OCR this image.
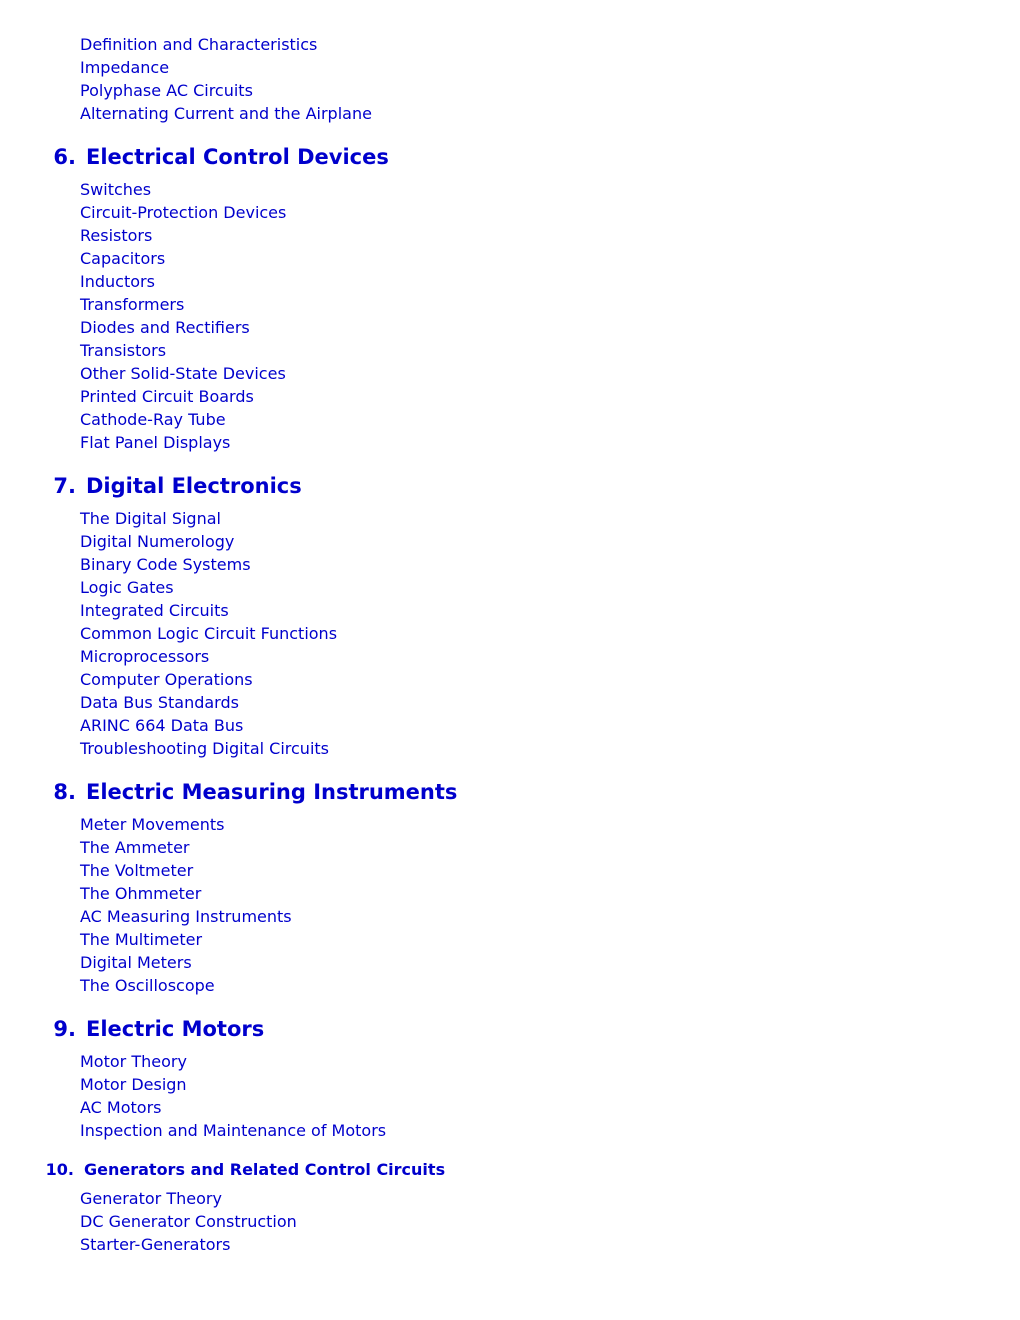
Definition and Characteristics
Impedance
Polyphase AC Circuits
Alternating Current and the Airplane
6. Electrical Control Devices
Switches
Circuit-Protection Devices
Resistors
Capacitors
Inductors
Transformers
Diodes and Rectifiers
Transistors
Other Solid-State Devices
Printed Circuit Boards
Cathode-Ray Tube
Flat Panel Displays
7. Digital Electronics
The Digital Signal
Digital Numerology
Binary Code Systems
Logic Gates
Integrated Circuits
Common Logic Circuit Functions
Microprocessors
Computer Operations
Data Bus Standards
ARINC 664 Data Bus
Troubleshooting Digital Circuits
8. Electric Measuring Instruments
Meter Movements
The Ammeter
The Voltmeter
The Ohmmeter
AC Measuring Instruments
The Multimeter
Digital Meters
The Oscilloscope
9. Electric Motors
Motor Theory
Motor Design
AC Motors
Inspection and Maintenance of Motors
10. Generators and Related Control Circuits
Generator Theory
DC Generator Construction
Starter-Generators
